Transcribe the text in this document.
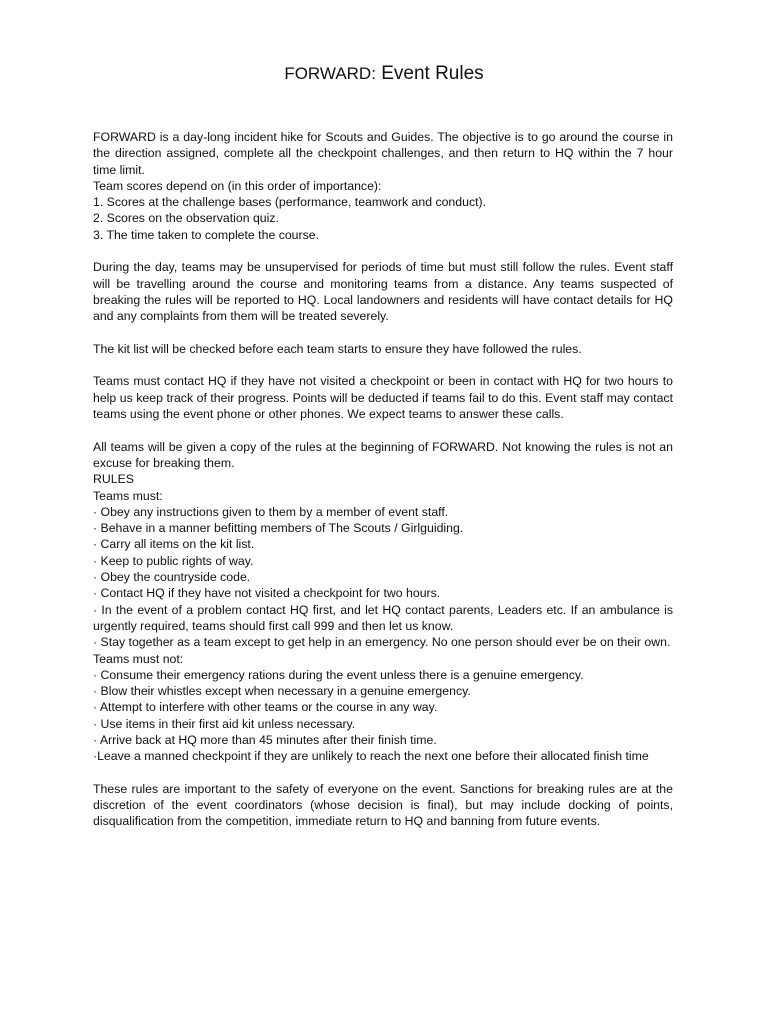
FORWARD: Event Rules

FORWARD is a day-long incident hike for Scouts and Guides. The objective is to go around the course in the direction assigned, complete all the checkpoint challenges, and then return to HQ within the 7 hour time limit.

Team scores depend on (in this order of importance):

1. Scores at the challenge bases (performance, teamwork and conduct).

2. Scores on the observation quiz.

3. The time taken to complete the course.

During the day, teams may be unsupervised for periods of time but must still follow the rules. Event staff will be travelling around the course and monitoring teams from a distance. Any teams suspected of breaking the rules will be reported to HQ. Local landowners and residents will have contact details for HQ and any complaints from them will be treated severely.

The kit list will be checked before each team starts to ensure they have followed the rules.

Teams must contact HQ if they have not visited a checkpoint or been in contact with HQ for two hours to help us keep track of their progress. Points will be deducted if teams fail to do this. Event staff may contact teams using the event phone or other phones. We expect teams to answer these calls.

All teams will be given a copy of the rules at the beginning of FORWARD. Not knowing the rules is not an excuse for breaking them.

RULES

Teams must:

· Obey any instructions given to them by a member of event staff.

· Behave in a manner befitting members of The Scouts / Girlguiding.

· Carry all items on the kit list.

· Keep to public rights of way.

· Obey the countryside code.

· Contact HQ if they have not visited a checkpoint for two hours.

· In the event of a problem contact HQ first, and let HQ contact parents, Leaders etc. If an ambulance is urgently required, teams should first call 999 and then let us know.

· Stay together as a team except to get help in an emergency. No one person should ever be on their own.

Teams must not:

· Consume their emergency rations during the event unless there is a genuine emergency.

· Blow their whistles except when necessary in a genuine emergency.

· Attempt to interfere with other teams or the course in any way.

· Use items in their first aid kit unless necessary.

· Arrive back at HQ more than 45 minutes after their finish time.

·Leave a manned checkpoint if they are unlikely to reach the next one before their allocated finish time

These rules are important to the safety of everyone on the event. Sanctions for breaking rules are at the discretion of the event coordinators (whose decision is final), but may include docking of points, disqualification from the competition, immediate return to HQ and banning from future events.
